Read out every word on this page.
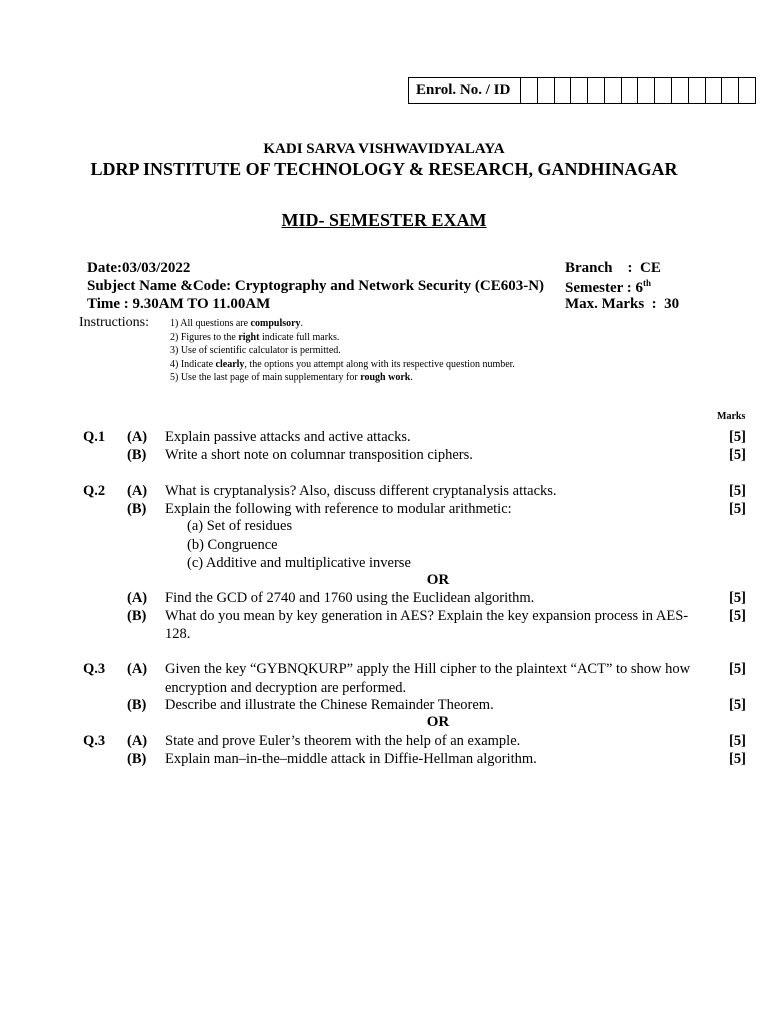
Enrol. No. / ID
KADI SARVA VISHWAVIDYALAYA
LDRP INSTITUTE OF TECHNOLOGY & RESEARCH, GANDHINAGAR
MID- SEMESTER EXAM
Date:03/03/2022
Subject Name &Code: Cryptography and Network Security (CE603-N)
Time : 9.30AM TO 11.00AM
Branch    :  CE
Semester : 6th
Max. Marks  :  30
Instructions: 1) All questions are compulsory.
2) Figures to the right indicate full marks.
3) Use of scientific calculator is permitted.
4) Indicate clearly, the options you attempt along with its respective question number.
5) Use the last page of main supplementary for rough work.
Marks
Q.1 (A) Explain passive attacks and active attacks.	[5]
(B) Write a short note on columnar transposition ciphers.	[5]
Q.2 (A) What is cryptanalysis? Also, discuss different cryptanalysis attacks.	[5]
(B) Explain the following with reference to modular arithmetic:	[5]
(a) Set of residues
(b) Congruence
(c) Additive and multiplicative inverse
OR
(A) Find the GCD of 2740 and 1760 using the Euclidean algorithm.	[5]
(B) What do you mean by key generation in AES? Explain the key expansion process in AES-	[5]
128.
Q.3 (A) Given the key “GYBNQKURP” apply the Hill cipher to the plaintext “ACT” to show how	[5]
encryption and decryption are performed.
(B) Describe and illustrate the Chinese Remainder Theorem.	[5]
OR
Q.3 (A) State and prove Euler’s theorem with the help of an example.	[5]
(B) Explain man–in-the–middle attack in Diffie-Hellman algorithm.	[5]
